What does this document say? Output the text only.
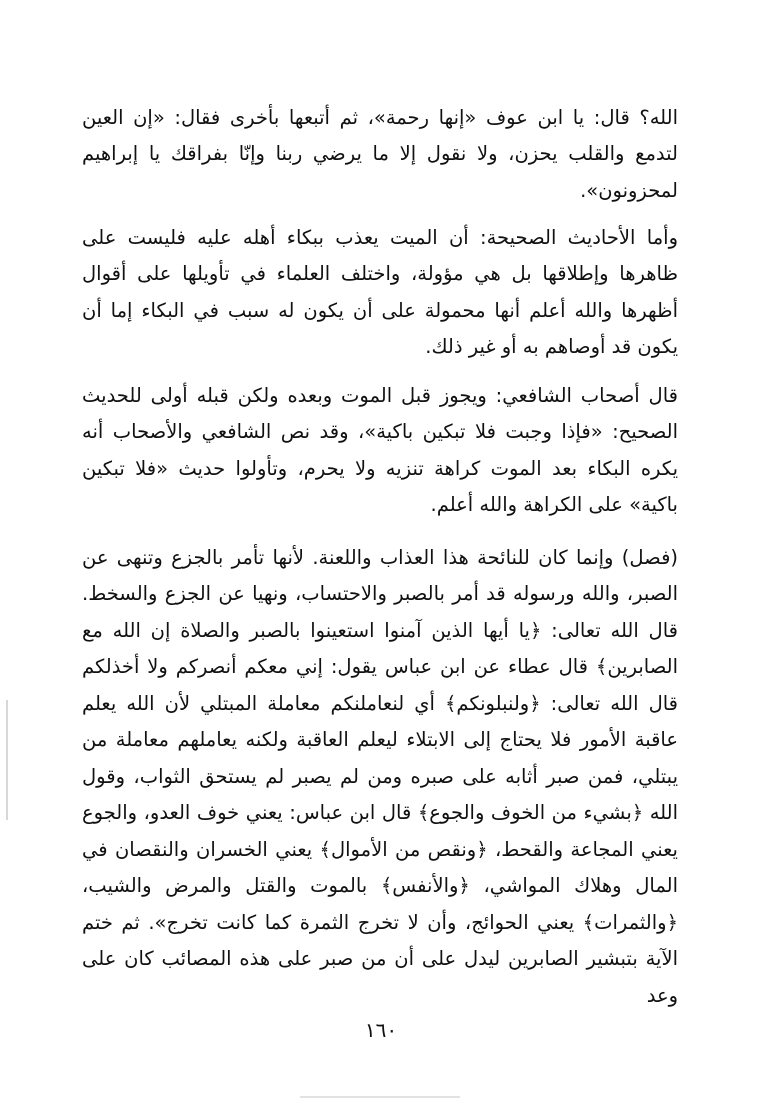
الله؟ قال: يا ابن عوف «إنها رحمة»، ثم أتبعها بأخرى فقال: «إن العين لتدمع والقلب يحزن، ولا نقول إلا ما يرضي ربنا وإنّا بفراقك يا إبراهيم لمحزونون».

وأما الأحاديث الصحيحة: أن الميت يعذب ببكاء أهله عليه فليست على ظاهرها وإطلاقها بل هي مؤولة، واختلف العلماء في تأويلها على أقوال أظهرها والله أعلم أنها محمولة على أن يكون له سبب في البكاء إما أن يكون قد أوصاهم به أو غير ذلك.

قال أصحاب الشافعي: ويجوز قبل الموت وبعده ولكن قبله أولى للحديث الصحيح: «فإذا وجبت فلا تبكين باكية»، وقد نص الشافعي والأصحاب أنه يكره البكاء بعد الموت كراهة تنزيه ولا يحرم، وتأولوا حديث «فلا تبكين باكية» على الكراهة والله أعلم.

(فصل) وإنما كان للنائحة هذا العذاب واللعنة. لأنها تأمر بالجزع وتنهى عن الصبر، والله ورسوله قد أمر بالصبر والاحتساب، ونهيا عن الجزع والسخط. قال الله تعالى: ﴿يا أيها الذين آمنوا استعينوا بالصبر والصلاة إن الله مع الصابرين﴾ قال عطاء عن ابن عباس يقول: إني معكم أنصركم ولا أخذلكم قال الله تعالى: ﴿ولنبلونكم﴾ أي لنعاملنكم معاملة المبتلي لأن الله يعلم عاقبة الأمور فلا يحتاج إلى الابتلاء ليعلم العاقبة ولكنه يعاملهم معاملة من يبتلي، فمن صبر أثابه على صبره ومن لم يصبر لم يستحق الثواب، وقول الله ﴿بشيء من الخوف والجوع﴾ قال ابن عباس: يعني خوف العدو، والجوع يعني المجاعة والقحط، ﴿ونقص من الأموال﴾ يعني الخسران والنقصان في المال وهلاك المواشي، ﴿والأنفس﴾ بالموت والقتل والمرض والشيب، ﴿والثمرات﴾ يعني الحوائج، وأن لا تخرج الثمرة كما كانت تخرج». ثم ختم الآية بتبشير الصابرين ليدل على أن من صبر على هذه المصائب كان على وعد

١٦٠
